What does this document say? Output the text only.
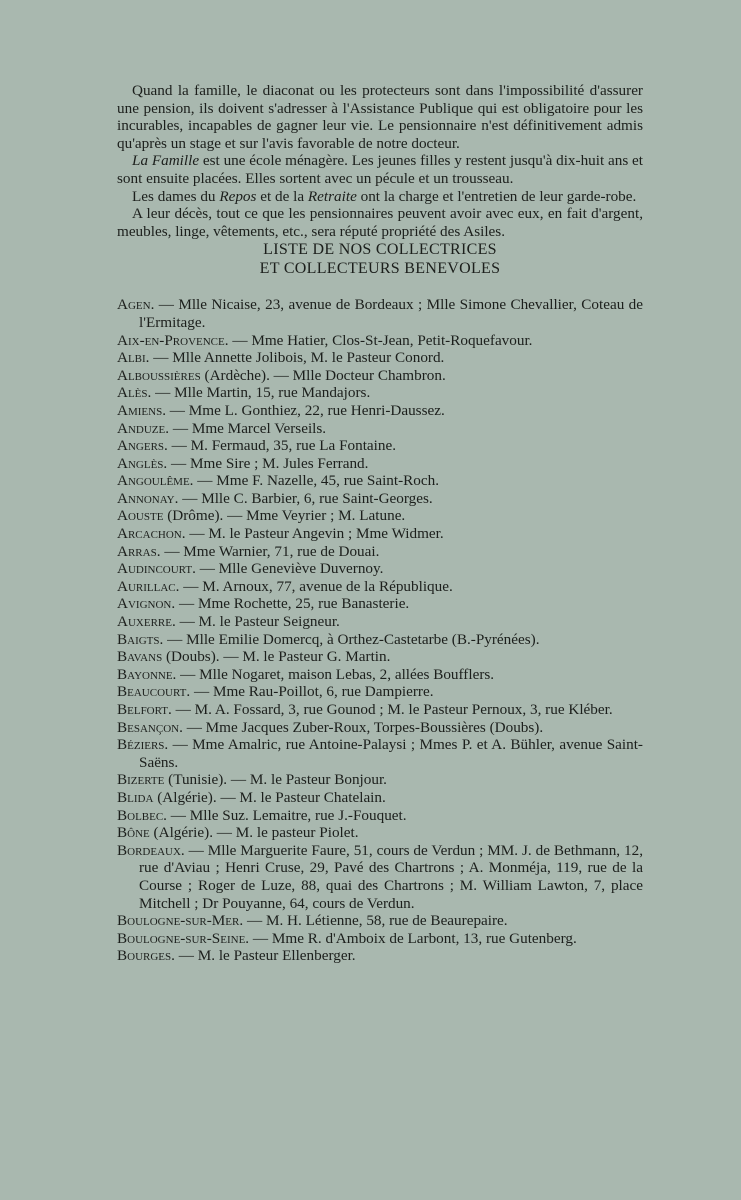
Quand la famille, le diaconat ou les protecteurs sont dans l'impossibilité d'assurer une pension, ils doivent s'adresser à l'Assistance Publique qui est obligatoire pour les incurables, incapables de gagner leur vie. Le pensionnaire n'est définitivement admis qu'après un stage et sur l'avis favorable de notre docteur.

La Famille est une école ménagère. Les jeunes filles y restent jusqu'à dix-huit ans et sont ensuite placées. Elles sortent avec un pécule et un trousseau.

Les dames du Repos et de la Retraite ont la charge et l'entretien de leur garde-robe.

A leur décès, tout ce que les pensionnaires peuvent avoir avec eux, en fait d'argent, meubles, linge, vêtements, etc., sera réputé propriété des Asiles.

LISTE DE NOS COLLECTRICES
ET COLLECTEURS BENEVOLES
Agen. — Mlle Nicaise, 23, avenue de Bordeaux ; Mlle Simone Chevallier, Coteau de l'Ermitage.
Aix-en-Provence. — Mme Hatier, Clos-St-Jean, Petit-Roquefavour.
Albi. — Mlle Annette Jolibois, M. le Pasteur Conord.
Alboussières (Ardèche). — Mlle Docteur Chambron.
Alès. — Mlle Martin, 15, rue Mandajors.
Amiens. — Mme L. Gonthiez, 22, rue Henri-Daussez.
Anduze. — Mme Marcel Verseils.
Angers. — M. Fermaud, 35, rue La Fontaine.
Anglès. — Mme Sire ; M. Jules Ferrand.
Angoulême. — Mme F. Nazelle, 45, rue Saint-Roch.
Annonay. — Mlle C. Barbier, 6, rue Saint-Georges.
Aouste (Drôme). — Mme Veyrier ; M. Latune.
Arcachon. — M. le Pasteur Angevin ; Mme Widmer.
Arras. — Mme Warnier, 71, rue de Douai.
Audincourt. — Mlle Geneviève Duvernoy.
Aurillac. — M. Arnoux, 77, avenue de la République.
Avignon. — Mme Rochette, 25, rue Banasterie.
Auxerre. — M. le Pasteur Seigneur.
Baigts. — Mlle Emilie Domercq, à Orthez-Castetarbe (B.-Pyrénées).
Bavans (Doubs). — M. le Pasteur G. Martin.
Bayonne. — Mlle Nogaret, maison Lebas, 2, allées Boufflers.
Beaucourt. — Mme Rau-Poillot, 6, rue Dampierre.
Belfort. — M. A. Fossard, 3, rue Gounod ; M. le Pasteur Pernoux, 3, rue Kléber.
Besançon. — Mme Jacques Zuber-Roux, Torpes-Boussières (Doubs).
Béziers. — Mme Amalric, rue Antoine-Palaysi ; Mmes P. et A. Bühler, avenue Saint-Saëns.
Bizerte (Tunisie). — M. le Pasteur Bonjour.
Blida (Algérie). — M. le Pasteur Chatelain.
Bolbec. — Mlle Suz. Lemaitre, rue J.-Fouquet.
Bône (Algérie). — M. le pasteur Piolet.
Bordeaux. — Mlle Marguerite Faure, 51, cours de Verdun ; MM. J. de Bethmann, 12, rue d'Aviau ; Henri Cruse, 29, Pavé des Chartrons ; A. Monméja, 119, rue de la Course ; Roger de Luze, 88, quai des Chartrons ; M. William Lawton, 7, place Mitchell ; Dr Pouyanne, 64, cours de Verdun.
Boulogne-sur-Mer. — M. H. Létienne, 58, rue de Beaurepaire.
Boulogne-sur-Seine. — Mme R. d'Amboix de Larbont, 13, rue Gutenberg.
Bourges. — M. le Pasteur Ellenberger.
